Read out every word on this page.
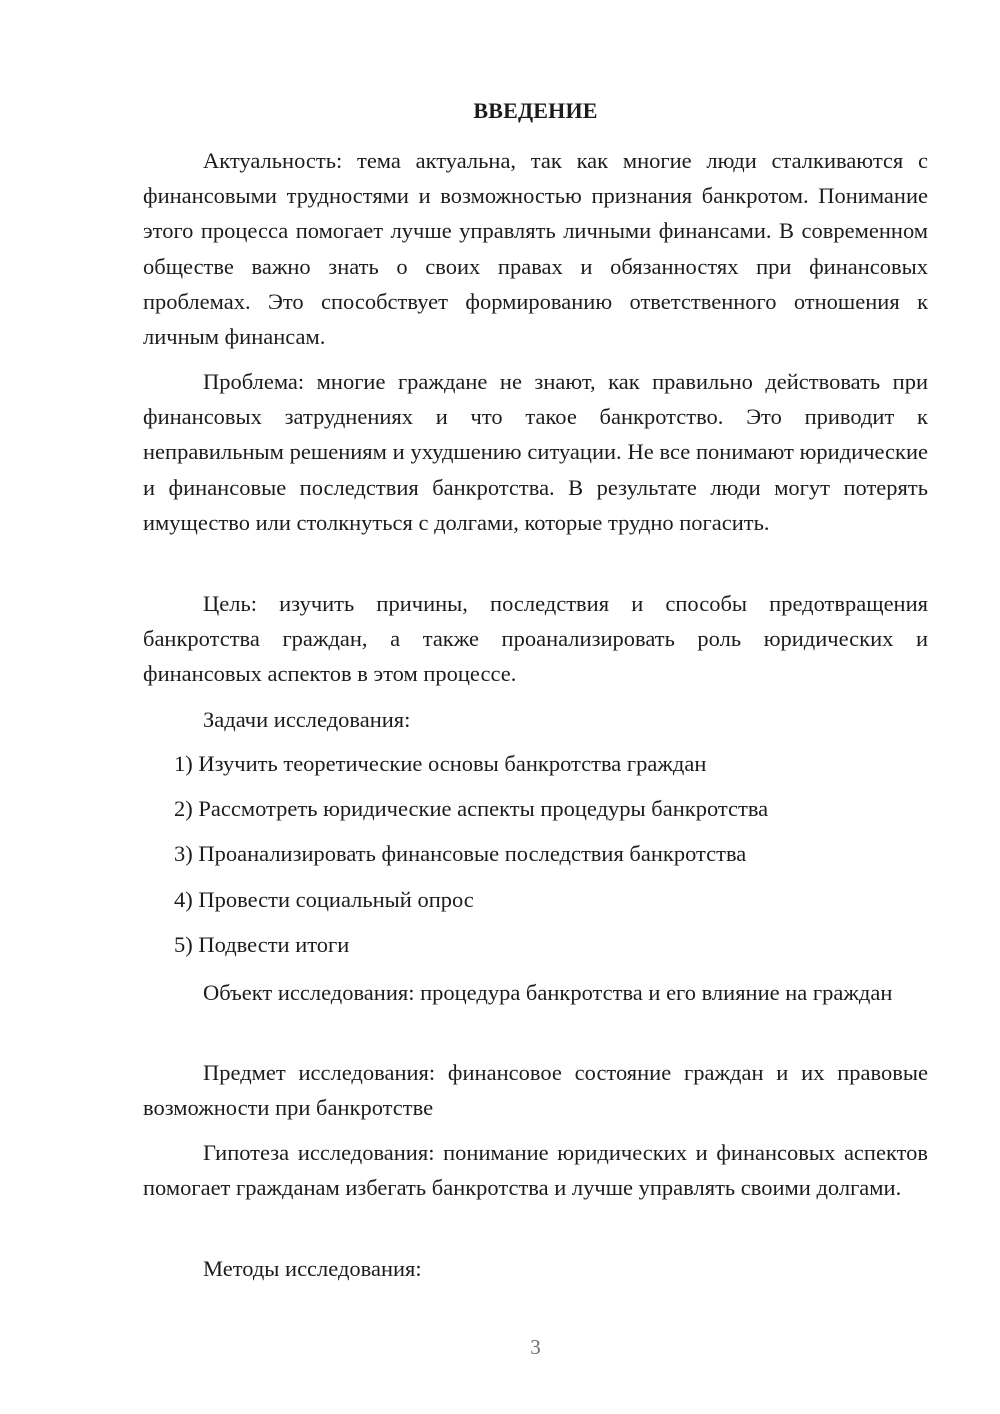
ВВЕДЕНИЕ

Актуальность: тема актуальна, так как многие люди сталкиваются с финансовыми трудностями и возможностью признания банкротом. Понимание этого процесса помогает лучше управлять личными финансами. В современном обществе важно знать о своих правах и обязанностях при финансовых проблемах. Это способствует формированию ответственного отношения к личным финансам.

Проблема: многие граждане не знают, как правильно действовать при финансовых затруднениях и что такое банкротство. Это приводит к неправильным решениям и ухудшению ситуации. Не все понимают юридические и финансовые последствия банкротства. В результате люди могут потерять имущество или столкнуться с долгами, которые трудно погасить.

Цель: изучить причины, последствия и способы предотвращения банкротства граждан, а также проанализировать роль юридических и финансовых аспектов в этом процессе.

Задачи исследования:

1) Изучить теоретические основы банкротства граждан
2) Рассмотреть юридические аспекты процедуры банкротства
3) Проанализировать финансовые последствия банкротства
4) Провести социальный опрос
5) Подвести итоги

Объект исследования: процедура банкротства и его влияние на граждан

Предмет исследования: финансовое состояние граждан и их правовые возможности при банкротстве

Гипотеза исследования: понимание юридических и финансовых аспектов помогает гражданам избегать банкротства и лучше управлять своими долгами.

Методы исследования:

3
